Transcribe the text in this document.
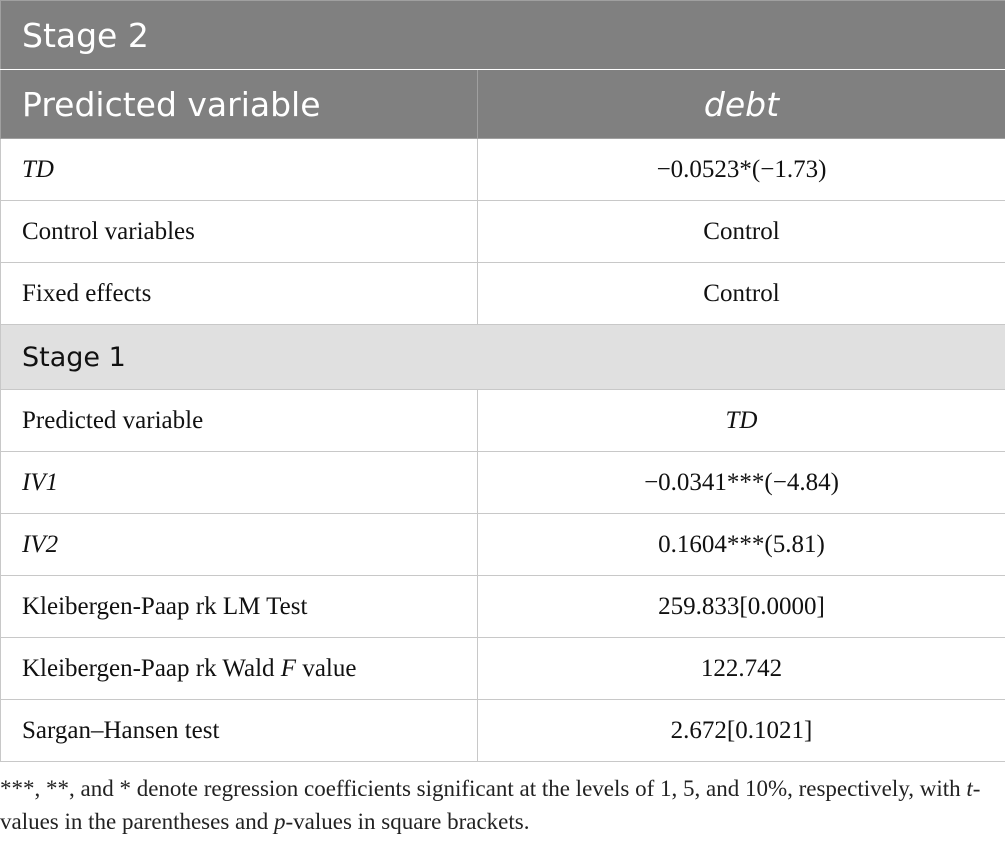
Stage 2	
Predicted variable	debt
TD	−0.0523*(−1.73)
Control variables	Control
Fixed effects	Control
Stage 1	
Predicted variable	TD
IV1	−0.0341***(−4.84)
IV2	0.1604***(5.81)
Kleibergen-Paap rk LM Test	259.833[0.0000]
Kleibergen-Paap rk Wald F value	122.742
Sargan–Hansen test	2.672[0.1021]
***, **, and * denote regression coefficients significant at the levels of 1, 5, and 10%, respectively, with t-values in the parentheses and p-values in square brackets.
